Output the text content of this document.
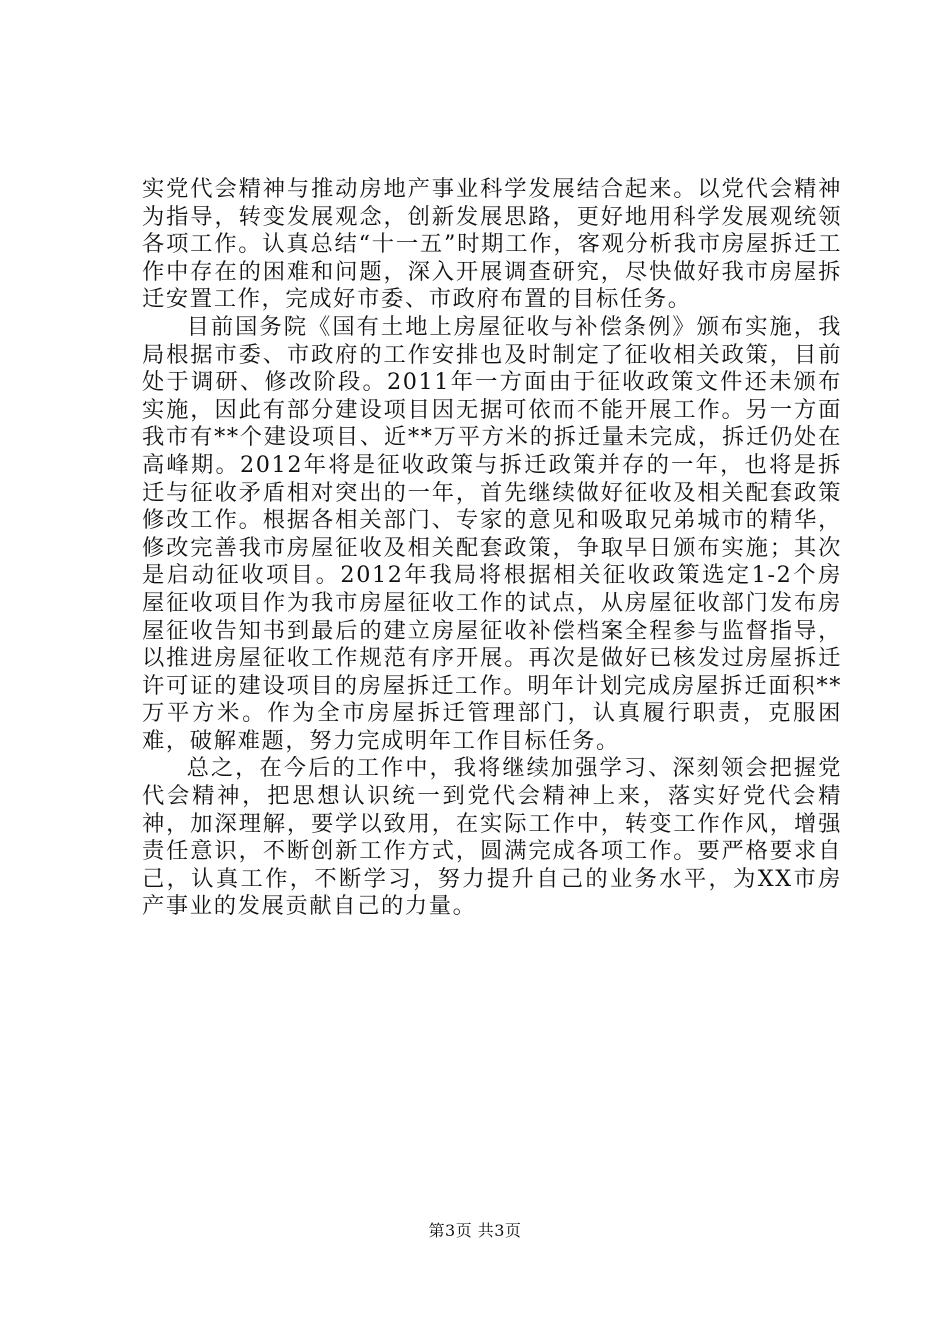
实党代会精神与推动房地产事业科学发展结合起来。以党代会精神为指导，转变发展观念，创新发展思路，更好地用科学发展观统领各项工作。认真总结“十一五”时期工作，客观分析我市房屋拆迁工作中存在的困难和问题，深入开展调查研究，尽快做好我市房屋拆迁安置工作，完成好市委、市政府布置的目标任务。

目前国务院《国有土地上房屋征收与补偿条例》颁布实施，我局根据市委、市政府的工作安排也及时制定了征收相关政策，目前处于调研、修改阶段。2011年一方面由于征收政策文件还未颁布实施，因此有部分建设项目因无据可依而不能开展工作。另一方面我市有**个建设项目、近**万平方米的拆迁量未完成，拆迁仍处在高峰期。2012年将是征收政策与拆迁政策并存的一年，也将是拆迁与征收矛盾相对突出的一年，首先继续做好征收及相关配套政策修改工作。根据各相关部门、专家的意见和吸取兄弟城市的精华，修改完善我市房屋征收及相关配套政策，争取早日颁布实施；其次是启动征收项目。2012年我局将根据相关征收政策选定1-2个房屋征收项目作为我市房屋征收工作的试点，从房屋征收部门发布房屋征收告知书到最后的建立房屋征收补偿档案全程参与监督指导，以推进房屋征收工作规范有序开展。再次是做好已核发过房屋拆迁许可证的建设项目的房屋拆迁工作。明年计划完成房屋拆迁面积**万平方米。作为全市房屋拆迁管理部门，认真履行职责，克服困难，破解难题，努力完成明年工作目标任务。

总之，在今后的工作中，我将继续加强学习、深刻领会把握党代会精神，把思想认识统一到党代会精神上来，落实好党代会精神，加深理解，要学以致用，在实际工作中，转变工作作风，增强责任意识，不断创新工作方式，圆满完成各项工作。要严格要求自己，认真工作，不断学习，努力提升自己的业务水平，为XX市房产事业的发展贡献自己的力量。

第3页 共3页
